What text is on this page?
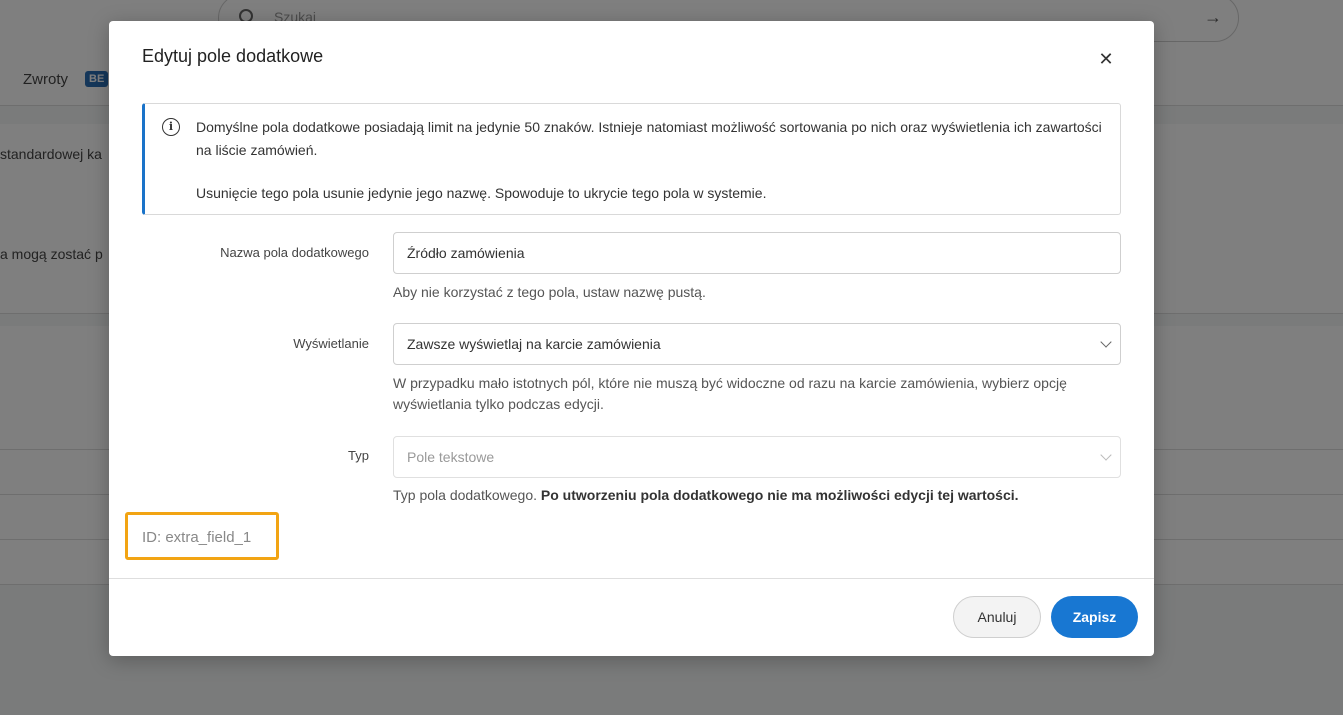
Edytuj pole dodatkowe	✕
i	Domyślne pola dodatkowe posiadają limit na jedynie 50 znaków. Istnieje natomiast możliwość sortowania po nich oraz wyświetlenia ich zawartości na liście zamówień.
Usunięcie tego pola usunie jedynie jego nazwę. Spowoduje to ukrycie tego pola w systemie.
Nazwa pola dodatkowego	Źródło zamówienia
Aby nie korzystać z tego pola, ustaw nazwę pustą.
Wyświetlanie	Zawsze wyświetlaj na karcie zamówienia
W przypadku mało istotnych pól, które nie muszą być widoczne od razu na karcie zamówienia, wybierz opcję wyświetlania tylko podczas edycji.
Typ	Pole tekstowe
Typ pola dodatkowego. Po utworzeniu pola dodatkowego nie ma możliwości edycji tej wartości.
ID: extra_field_1
Anuluj	Zapisz
